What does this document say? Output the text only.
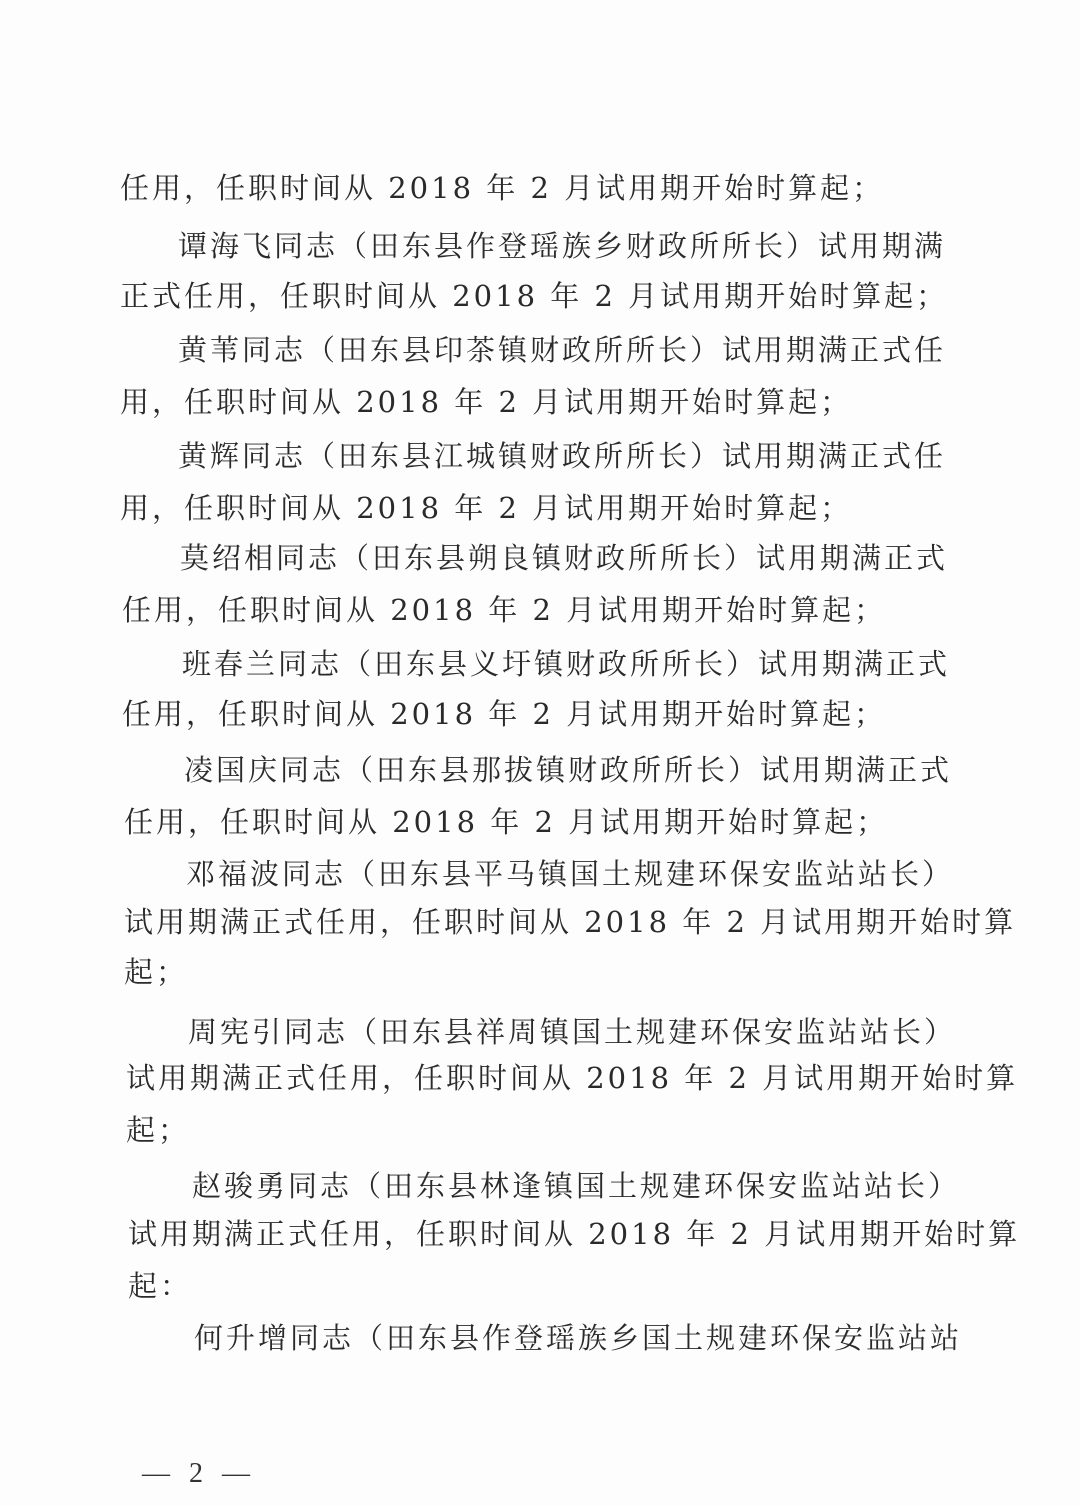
任用，任职时间从 2018 年 2 月试用期开始时算起；
谭海飞同志（田东县作登瑶族乡财政所所长）试用期满
正式任用，任职时间从 2018 年 2 月试用期开始时算起；
黄苇同志（田东县印茶镇财政所所长）试用期满正式任
用，任职时间从 2018 年 2 月试用期开始时算起；
黄辉同志（田东县江城镇财政所所长）试用期满正式任
用，任职时间从 2018 年 2 月试用期开始时算起；
莫绍相同志（田东县朔良镇财政所所长）试用期满正式
任用，任职时间从 2018 年 2 月试用期开始时算起；
班春兰同志（田东县义圩镇财政所所长）试用期满正式
任用，任职时间从 2018 年 2 月试用期开始时算起；
凌国庆同志（田东县那拔镇财政所所长）试用期满正式
任用，任职时间从 2018 年 2 月试用期开始时算起；
邓福波同志（田东县平马镇国土规建环保安监站站长）
试用期满正式任用，任职时间从 2018 年 2 月试用期开始时算
起；
周宪引同志（田东县祥周镇国土规建环保安监站站长）
试用期满正式任用，任职时间从 2018 年 2 月试用期开始时算
起；
赵骏勇同志（田东县林逢镇国土规建环保安监站站长）
试用期满正式任用，任职时间从 2018 年 2 月试用期开始时算
起：
何升增同志（田东县作登瑶族乡国土规建环保安监站站
— 2 —
